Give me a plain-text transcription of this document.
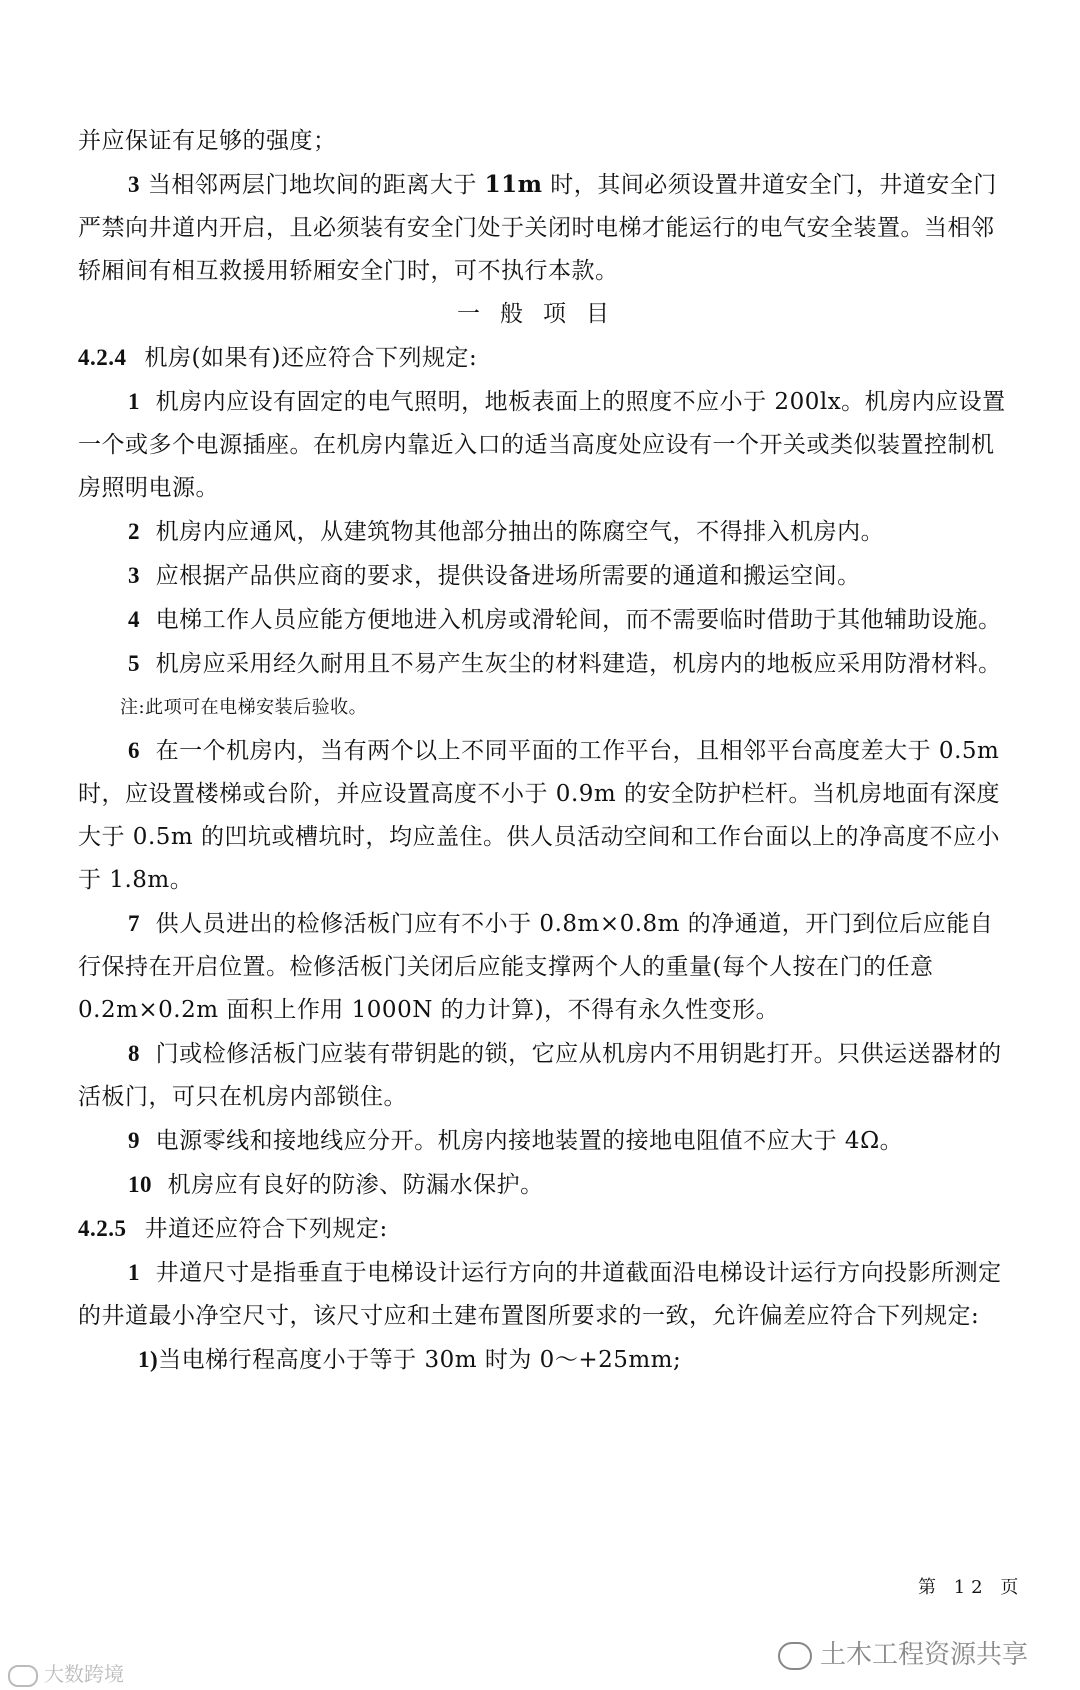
并应保证有足够的强度；

3 当相邻两层门地坎间的距离大于 11m 时，其间必须设置井道安全门，井道安全门严禁向井道内开启，且必须装有安全门处于关闭时电梯才能运行的电气安全装置。当相邻轿厢间有相互救援用轿厢安全门时，可不执行本款。

一般项目

4.2.4 机房(如果有)还应符合下列规定:

1 机房内应设有固定的电气照明，地板表面上的照度不应小于 200lx。机房内应设置一个或多个电源插座。在机房内靠近入口的适当高度处应设有一个开关或类似装置控制机房照明电源。

2 机房内应通风，从建筑物其他部分抽出的陈腐空气，不得排入机房内。

3 应根据产品供应商的要求，提供设备进场所需要的通道和搬运空间。

4 电梯工作人员应能方便地进入机房或滑轮间，而不需要临时借助于其他辅助设施。

5 机房应采用经久耐用且不易产生灰尘的材料建造，机房内的地板应采用防滑材料。

注:此项可在电梯安装后验收。

6 在一个机房内，当有两个以上不同平面的工作平台，且相邻平台高度差大于 0.5m 时，应设置楼梯或台阶，并应设置高度不小于 0.9m 的安全防护栏杆。当机房地面有深度大于 0.5m 的凹坑或槽坑时，均应盖住。供人员活动空间和工作台面以上的净高度不应小于 1.8m。

7 供人员进出的检修活板门应有不小于 0.8m×0.8m 的净通道，开门到位后应能自行保持在开启位置。检修活板门关闭后应能支撑两个人的重量(每个人按在门的任意 0.2m×0.2m 面积上作用 1000N 的力计算)，不得有永久性变形。

8 门或检修活板门应装有带钥匙的锁，它应从机房内不用钥匙打开。只供运送器材的活板门，可只在机房内部锁住。

9 电源零线和接地线应分开。机房内接地装置的接地电阻值不应大于 4Ω。

10 机房应有良好的防渗、防漏水保护。

4.2.5 井道还应符合下列规定:

1 井道尺寸是指垂直于电梯设计运行方向的井道截面沿电梯设计运行方向投影所测定的井道最小净空尺寸，该尺寸应和土建布置图所要求的一致，允许偏差应符合下列规定:

1)当电梯行程高度小于等于 30m 时为 0～+25mm;

第 12 页
大数跨境
土木工程资源共享
